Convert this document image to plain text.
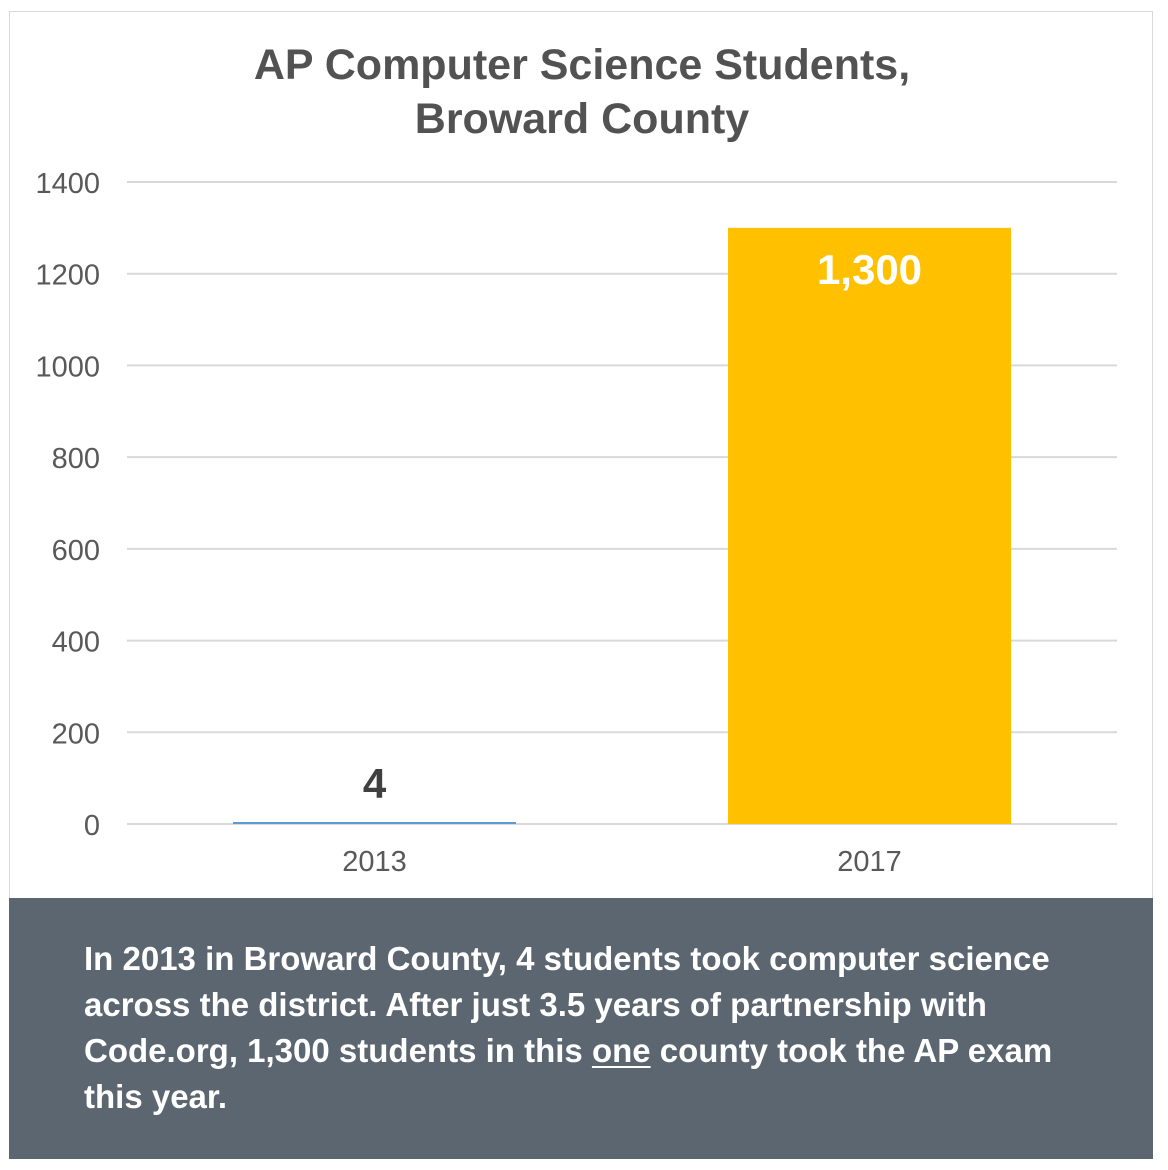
AP Computer Science Students,
Broward County
0
200
400
600
800
1000
1200
1400
2013
4
2017
1,300

In 2013 in Broward County, 4 students took computer science across the district. After just 3.5 years of partnership with Code.org, 1,300 students in this one county took the AP exam this year.
